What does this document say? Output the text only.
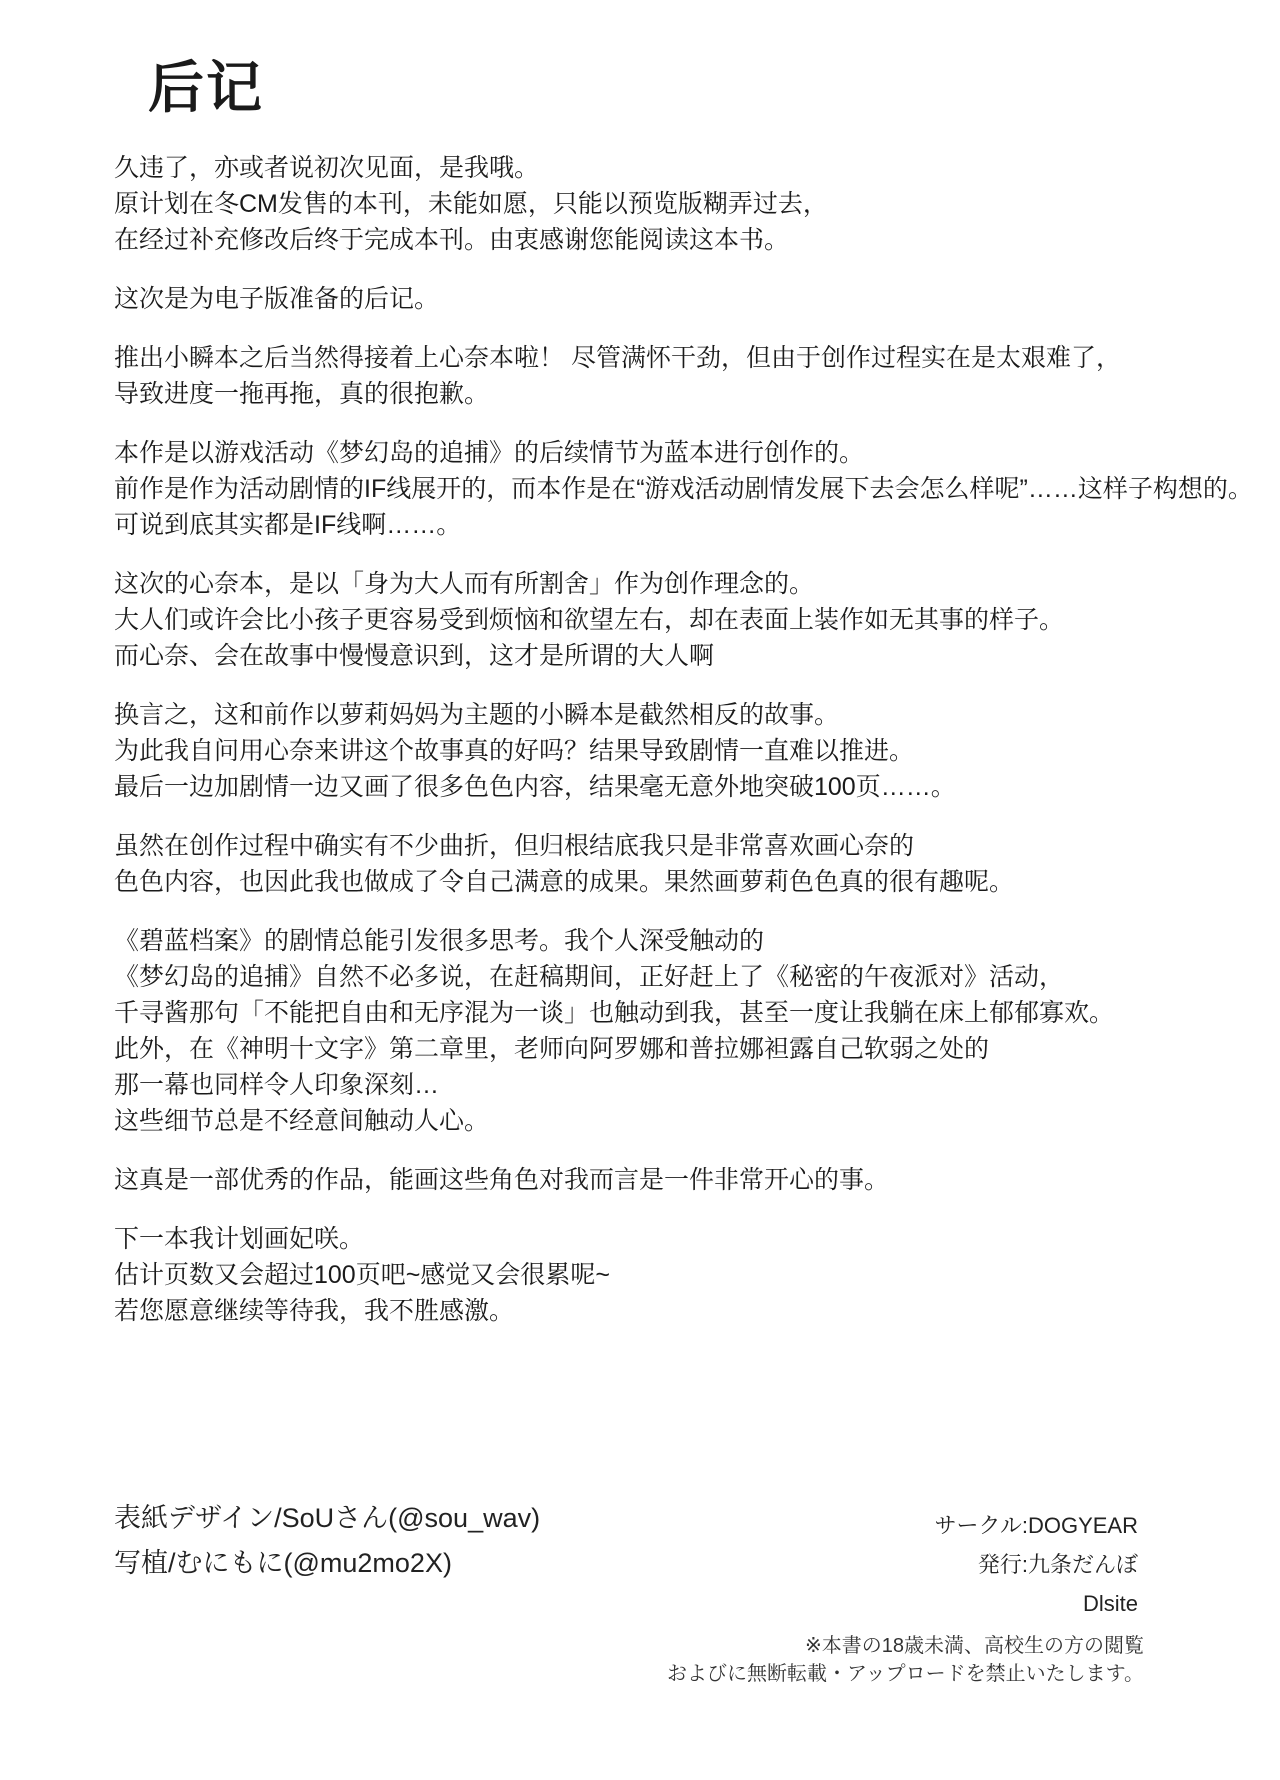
后记

久违了，亦或者说初次见面，是我哦。
原计划在冬CM发售的本刊，未能如愿，只能以预览版糊弄过去，
在经过补充修改后终于完成本刊。由衷感谢您能阅读这本书。

这次是为电子版准备的后记。

推出小瞬本之后当然得接着上心奈本啦！ 尽管满怀干劲，但由于创作过程实在是太艰难了，
导致进度一拖再拖，真的很抱歉。

本作是以游戏活动《梦幻岛的追捕》的后续情节为蓝本进行创作的。
前作是作为活动剧情的IF线展开的，而本作是在“游戏活动剧情发展下去会怎么样呢”……这样子构想的。
可说到底其实都是IF线啊……。

这次的心奈本，是以「身为大人而有所割舍」作为创作理念的。
大人们或许会比小孩子更容易受到烦恼和欲望左右，却在表面上装作如无其事的样子。
而心奈、会在故事中慢慢意识到，这才是所谓的大人啊

换言之，这和前作以萝莉妈妈为主题的小瞬本是截然相反的故事。
为此我自问用心奈来讲这个故事真的好吗？结果导致剧情一直难以推进。
最后一边加剧情一边又画了很多色色内容，结果毫无意外地突破100页……。

虽然在创作过程中确实有不少曲折，但归根结底我只是非常喜欢画心奈的
色色内容，也因此我也做成了令自己满意的成果。果然画萝莉色色真的很有趣呢。

《碧蓝档案》的剧情总能引发很多思考。我个人深受触动的
《梦幻岛的追捕》自然不必多说，在赶稿期间，正好赶上了《秘密的午夜派对》活动，
千寻酱那句「不能把自由和无序混为一谈」也触动到我，甚至一度让我躺在床上郁郁寡欢。
此外，在《神明十文字》第二章里，老师向阿罗娜和普拉娜袒露自己软弱之处的
那一幕也同样令人印象深刻…
这些细节总是不经意间触动人心。

这真是一部优秀的作品，能画这些角色对我而言是一件非常开心的事。

下一本我计划画妃咲。
估计页数又会超过100页吧~感觉又会很累呢~
若您愿意继续等待我，我不胜感激。

表紙デザイン/SoUさん(@sou_wav)
写植/むにもに(@mu2mo2X)
サークル:DOGYEAR
発行:九条だんぼ
Dlsite
※本書の18歳未満、高校生の方の閲覧
およびに無断転載・アップロードを禁止いたします。
